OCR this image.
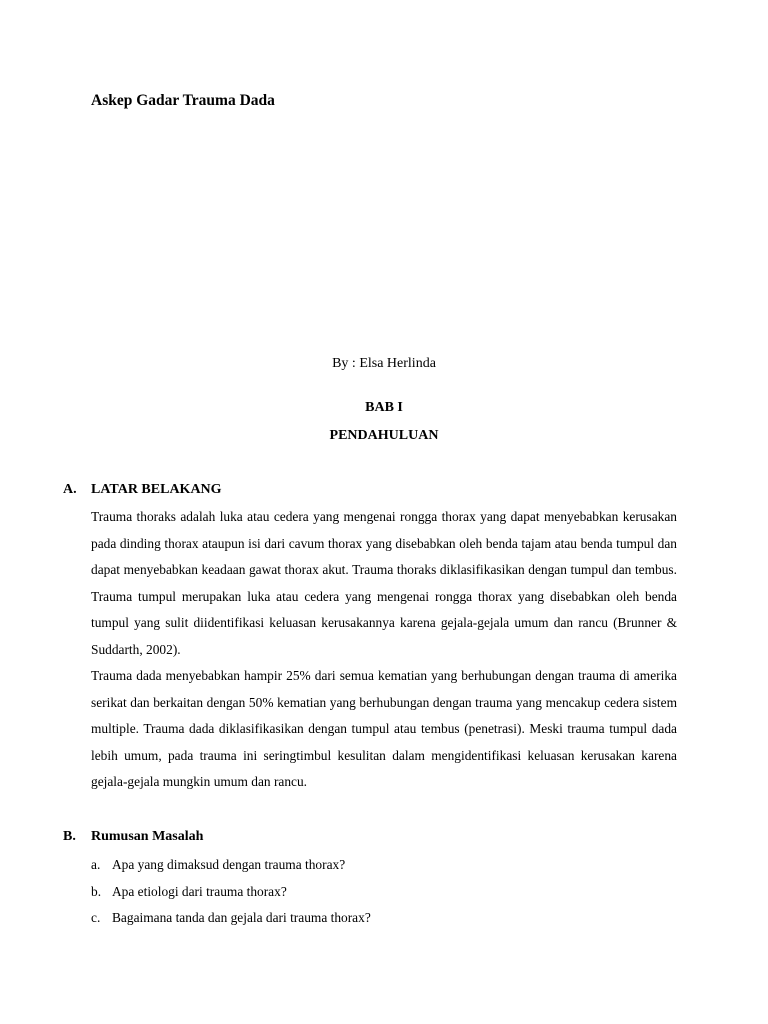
Askep Gadar Trauma Dada
By : Elsa Herlinda
BAB I
PENDAHULUAN
A. LATAR BELAKANG

Trauma thoraks adalah luka atau cedera yang mengenai rongga thorax yang dapat menyebabkan kerusakan pada dinding thorax ataupun isi dari cavum thorax yang disebabkan oleh benda tajam atau benda tumpul dan dapat menyebabkan keadaan gawat thorax akut. Trauma thoraks diklasifikasikan dengan tumpul dan tembus. Trauma tumpul merupakan luka atau cedera yang mengenai rongga thorax yang disebabkan oleh benda tumpul yang sulit diidentifikasi keluasan kerusakannya karena gejala-gejala umum dan rancu (Brunner & Suddarth, 2002).

Trauma dada menyebabkan hampir 25% dari semua kematian yang berhubungan dengan trauma di amerika serikat dan berkaitan dengan 50% kematian yang berhubungan dengan trauma yang mencakup cedera sistem multiple. Trauma dada diklasifikasikan dengan tumpul atau tembus (penetrasi). Meski trauma tumpul dada lebih umum, pada trauma ini seringtimbul kesulitan dalam mengidentifikasi keluasan kerusakan karena gejala-gejala mungkin umum dan rancu.

B. Rumusan Masalah
a. Apa yang dimaksud dengan trauma thorax?
b. Apa etiologi dari trauma thorax?
c. Bagaimana tanda dan gejala dari trauma thorax?
